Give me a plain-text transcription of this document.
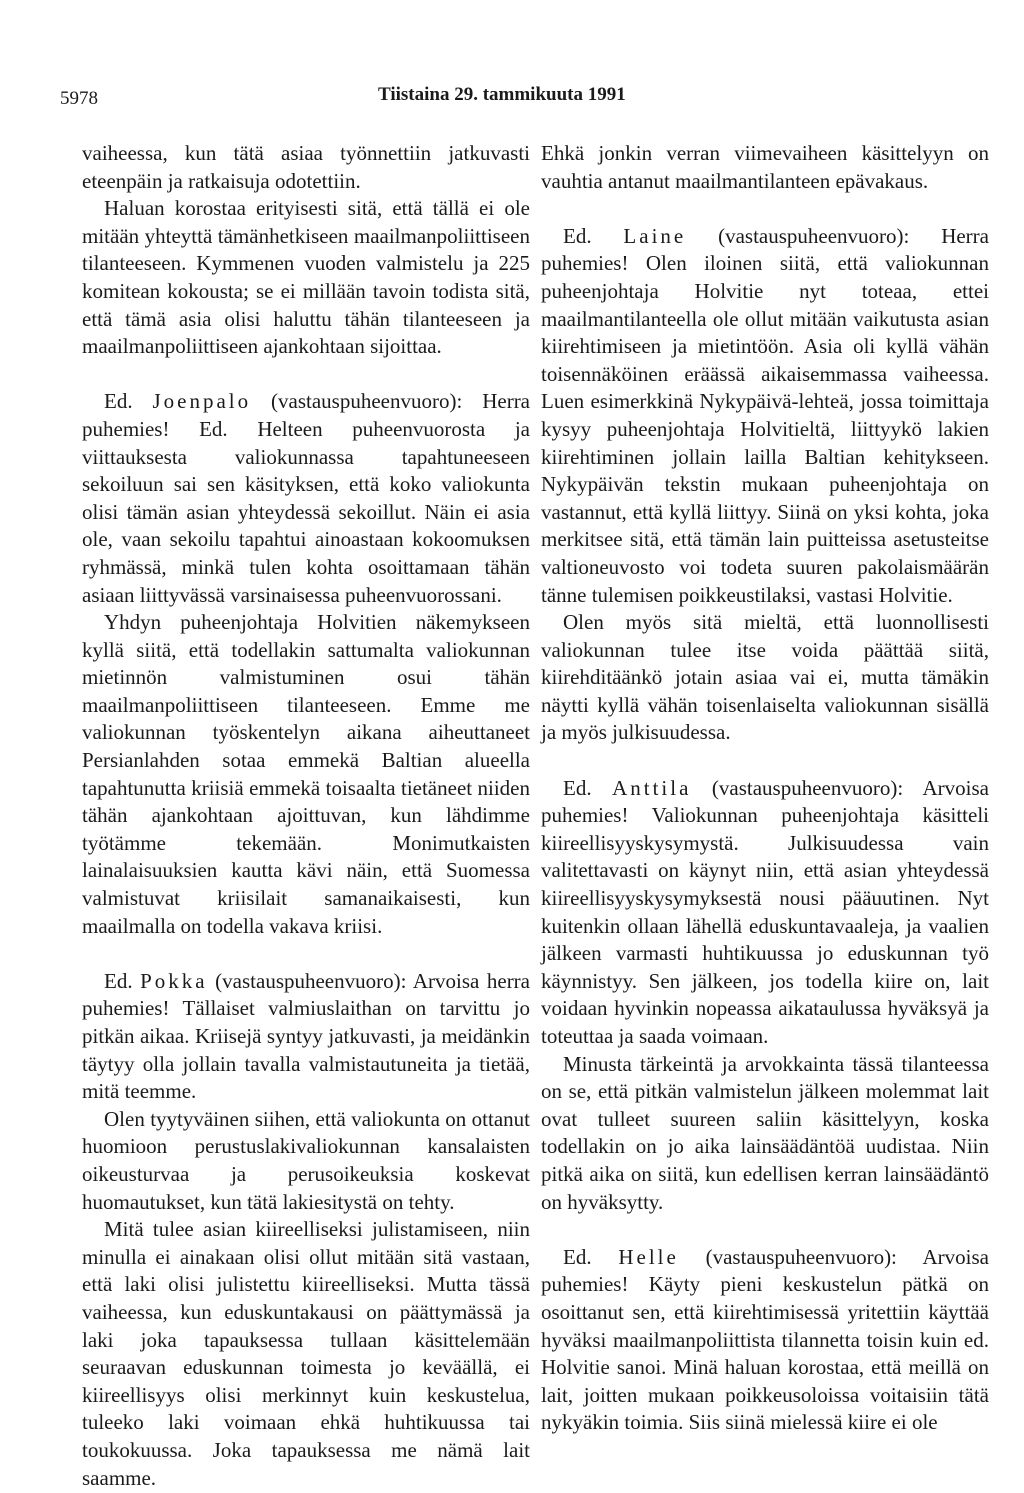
5978	Tiistaina 29. tammikuuta 1991

vaiheessa, kun tätä asiaa työnnettiin jatkuvasti eteenpäin ja ratkaisuja odotettiin.

Haluan korostaa erityisesti sitä, että tällä ei ole mitään yhteyttä tämänhetkiseen maailmanpoliittiseen tilanteeseen. Kymmenen vuoden valmistelu ja 225 komitean kokousta; se ei millään tavoin todista sitä, että tämä asia olisi haluttu tähän tilanteeseen ja maailmanpoliittiseen ajankohtaan sijoittaa.

Ed. Joenpalo (vastauspuheenvuoro): Herra puhemies! Ed. Helteen puheenvuorosta ja viittauksesta valiokunnassa tapahtuneeseen sekoiluun sai sen käsityksen, että koko valiokunta olisi tämän asian yhteydessä sekoillut. Näin ei asia ole, vaan sekoilu tapahtui ainoastaan kokoomuksen ryhmässä, minkä tulen kohta osoittamaan tähän asiaan liittyvässä varsinaisessa puheenvuorossani.

Yhdyn puheenjohtaja Holvitien näkemykseen kyllä siitä, että todellakin sattumalta valiokunnan mietinnön valmistuminen osui tähän maailmanpoliittiseen tilanteeseen. Emme me valiokunnan työskentelyn aikana aiheuttaneet Persianlahden sotaa emmekä Baltian alueella tapahtunutta kriisiä emmekä toisaalta tietäneet niiden tähän ajankohtaan ajoittuvan, kun lähdimme työtämme tekemään. Monimutkaisten lainalaisuuksien kautta kävi näin, että Suomessa valmistuvat kriisilait samanaikaisesti, kun maailmalla on todella vakava kriisi.

Ed. Pokka (vastauspuheenvuoro): Arvoisa herra puhemies! Tällaiset valmiuslaithan on tarvittu jo pitkän aikaa. Kriisejä syntyy jatkuvasti, ja meidänkin täytyy olla jollain tavalla valmistautuneita ja tietää, mitä teemme.

Olen tyytyväinen siihen, että valiokunta on ottanut huomioon perustuslakivaliokunnan kansalaisten oikeusturvaa ja perusoikeuksia koskevat huomautukset, kun tätä lakiesitystä on tehty.

Mitä tulee asian kiireelliseksi julistamiseen, niin minulla ei ainakaan olisi ollut mitään sitä vastaan, että laki olisi julistettu kiireelliseksi. Mutta tässä vaiheessa, kun eduskuntakausi on päättymässä ja laki joka tapauksessa tullaan käsittelemään seuraavan eduskunnan toimesta jo keväällä, ei kiireellisyys olisi merkinnyt kuin keskustelua, tuleeko laki voimaan ehkä huhtikuussa tai toukokuussa. Joka tapauksessa me nämä lait saamme.

Ehkä jonkin verran viimevaiheen käsittelyyn on vauhtia antanut maailmantilanteen epävakaus.

Ed. Laine (vastauspuheenvuoro): Herra puhemies! Olen iloinen siitä, että valiokunnan puheenjohtaja Holvitie nyt toteaa, ettei maailmantilanteella ole ollut mitään vaikutusta asian kiirehtimiseen ja mietintöön. Asia oli kyllä vähän toisennäköinen eräässä aikaisemmassa vaiheessa. Luen esimerkkinä Nykypäivä-lehteä, jossa toimittaja kysyy puheenjohtaja Holvitieltä, liittyykö lakien kiirehtiminen jollain lailla Baltian kehitykseen. Nykypäivän tekstin mukaan puheenjohtaja on vastannut, että kyllä liittyy. Siinä on yksi kohta, joka merkitsee sitä, että tämän lain puitteissa asetusteitse valtioneuvosto voi todeta suuren pakolaismäärän tänne tulemisen poikkeustilaksi, vastasi Holvitie.

Olen myös sitä mieltä, että luonnollisesti valiokunnan tulee itse voida päättää siitä, kiirehditäänkö jotain asiaa vai ei, mutta tämäkin näytti kyllä vähän toisenlaiselta valiokunnan sisällä ja myös julkisuudessa.

Ed. Anttila (vastauspuheenvuoro): Arvoisa puhemies! Valiokunnan puheenjohtaja käsitteli kiireellisyyskysymystä. Julkisuudessa vain valitettavasti on käynyt niin, että asian yhteydessä kiireellisyyskysymyksestä nousi pääuutinen. Nyt kuitenkin ollaan lähellä eduskuntavaaleja, ja vaalien jälkeen varmasti huhtikuussa jo eduskunnan työ käynnistyy. Sen jälkeen, jos todella kiire on, lait voidaan hyvinkin nopeassa aikataulussa hyväksyä ja toteuttaa ja saada voimaan.

Minusta tärkeintä ja arvokkainta tässä tilanteessa on se, että pitkän valmistelun jälkeen molemmat lait ovat tulleet suureen saliin käsittelyyn, koska todellakin on jo aika lainsäädäntöä uudistaa. Niin pitkä aika on siitä, kun edellisen kerran lainsäädäntö on hyväksytty.

Ed. Helle (vastauspuheenvuoro): Arvoisa puhemies! Käyty pieni keskustelun pätkä on osoittanut sen, että kiirehtimisessä yritettiin käyttää hyväksi maailmanpoliittista tilannetta toisin kuin ed. Holvitie sanoi. Minä haluan korostaa, että meillä on lait, joitten mukaan poikkeusoloissa voitaisiin tätä nykyäkin toimia. Siis siinä mielessä kiire ei ole
